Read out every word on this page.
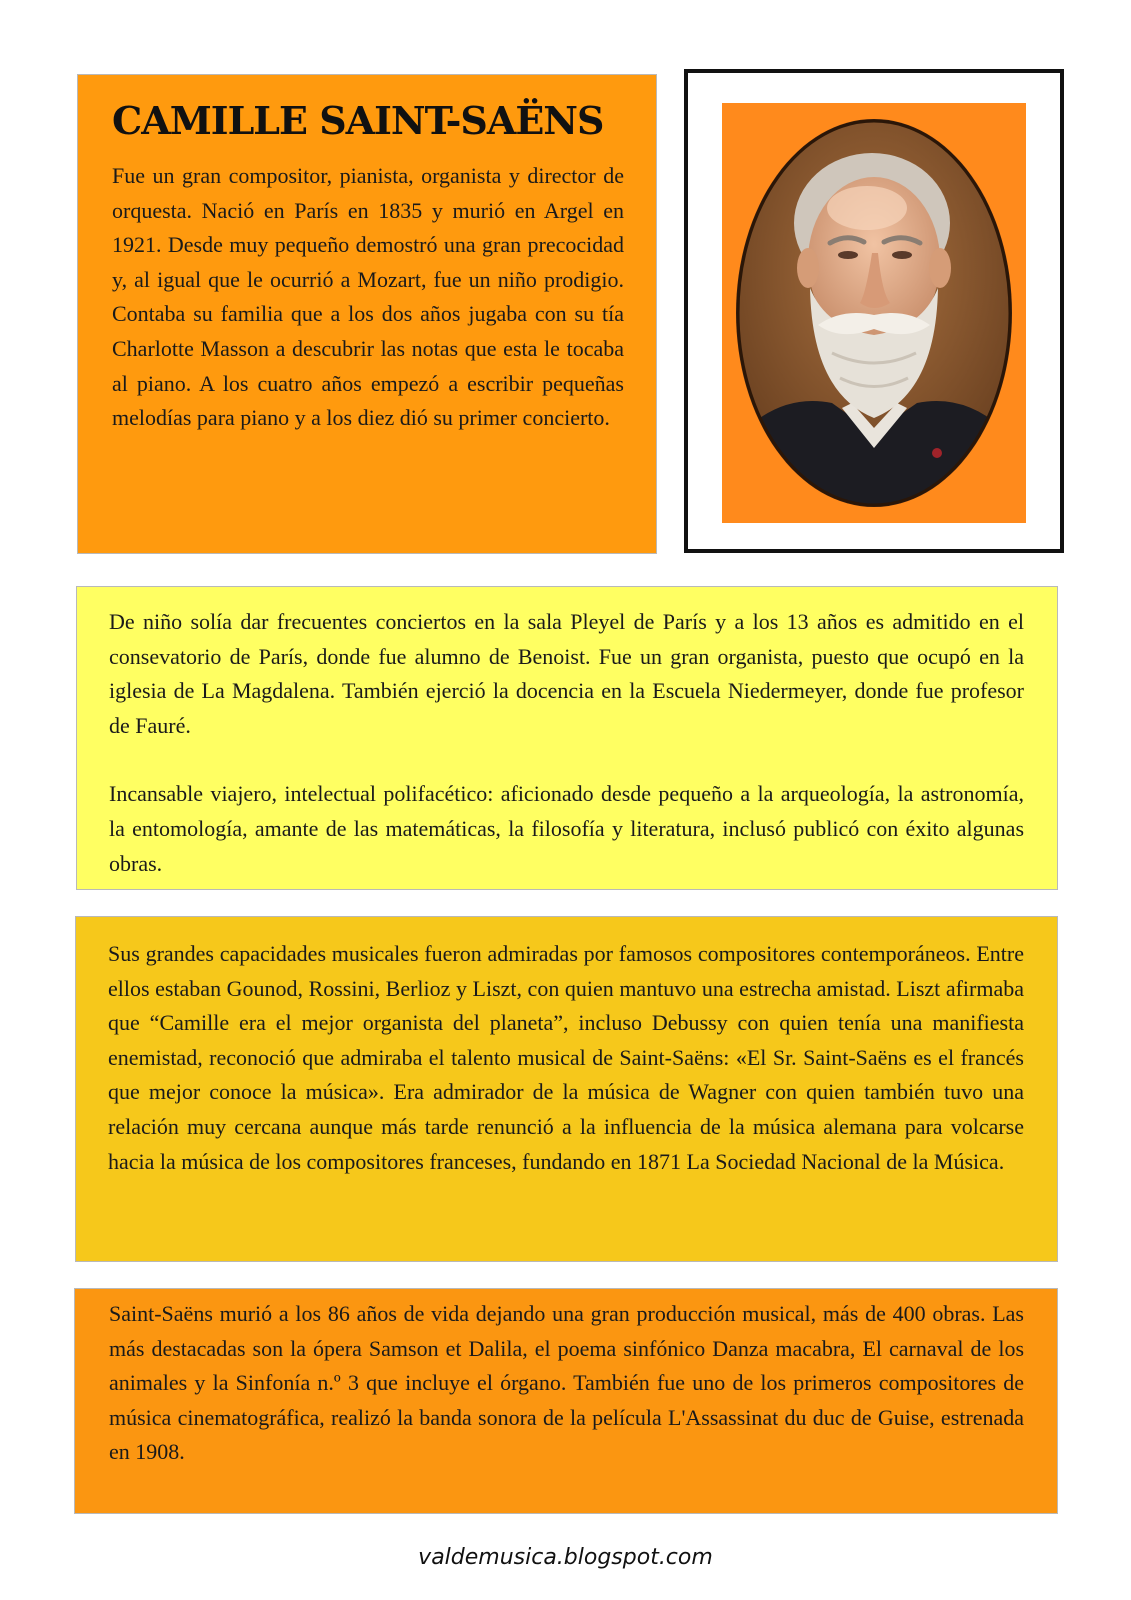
CAMILLE SAINT-SAËNS

Fue un gran compositor, pianista, organista y director de orquesta. Nació en París en 1835 y murió en Argel en 1921. Desde muy pequeño demostró una gran precocidad y, al igual que le ocurrió a Mozart, fue un niño prodigio. Contaba su familia que a los dos años jugaba con su tía Charlotte Masson a descubrir las notas que esta le tocaba al piano. A los cuatro años empezó a escribir pequeñas melodías para piano y a los diez dió su primer concierto.

De niño solía dar frecuentes conciertos en la sala Pleyel de París y a los 13 años es admitido en el consevatorio de París, donde fue alumno de Benoist. Fue un gran organista, puesto que ocupó en la iglesia de La Magdalena. También ejerció la docencia en la Escuela Niedermeyer, donde fue profesor de Fauré.

Incansable viajero, intelectual polifacético: aficionado desde pequeño a la arqueología, la astronomía, la entomología, amante de las matemáticas, la filosofía y literatura, inclusó publicó con éxito algunas obras.

Sus grandes capacidades musicales fueron admiradas por famosos compositores contemporáneos. Entre ellos estaban Gounod, Rossini, Berlioz y Liszt, con quien mantuvo una estrecha amistad. Liszt afirmaba que “Camille era el mejor organista del planeta”, incluso Debussy con quien tenía una manifiesta enemistad, reconoció que admiraba el talento musical de Saint-Saëns: «El Sr. Saint-Saëns es el francés que mejor conoce la música». Era admirador de la música de Wagner con quien también tuvo una relación muy cercana aunque más tarde renunció a la influencia de la música alemana para volcarse hacia la música de los compositores franceses, fundando en 1871 La Sociedad Nacional de la Música.

Saint-Saëns murió a los 86 años de vida dejando una gran producción musical, más de 400 obras. Las más destacadas son la ópera Samson et Dalila, el poema sinfónico Danza macabra, El carnaval de los animales y la Sinfonía n.º 3 que incluye el órgano. También fue uno de los primeros compositores de música cinematográfica, realizó la banda sonora de la película L'Assassinat du duc de Guise, estrenada en 1908.

valdemusica.blogspot.com
